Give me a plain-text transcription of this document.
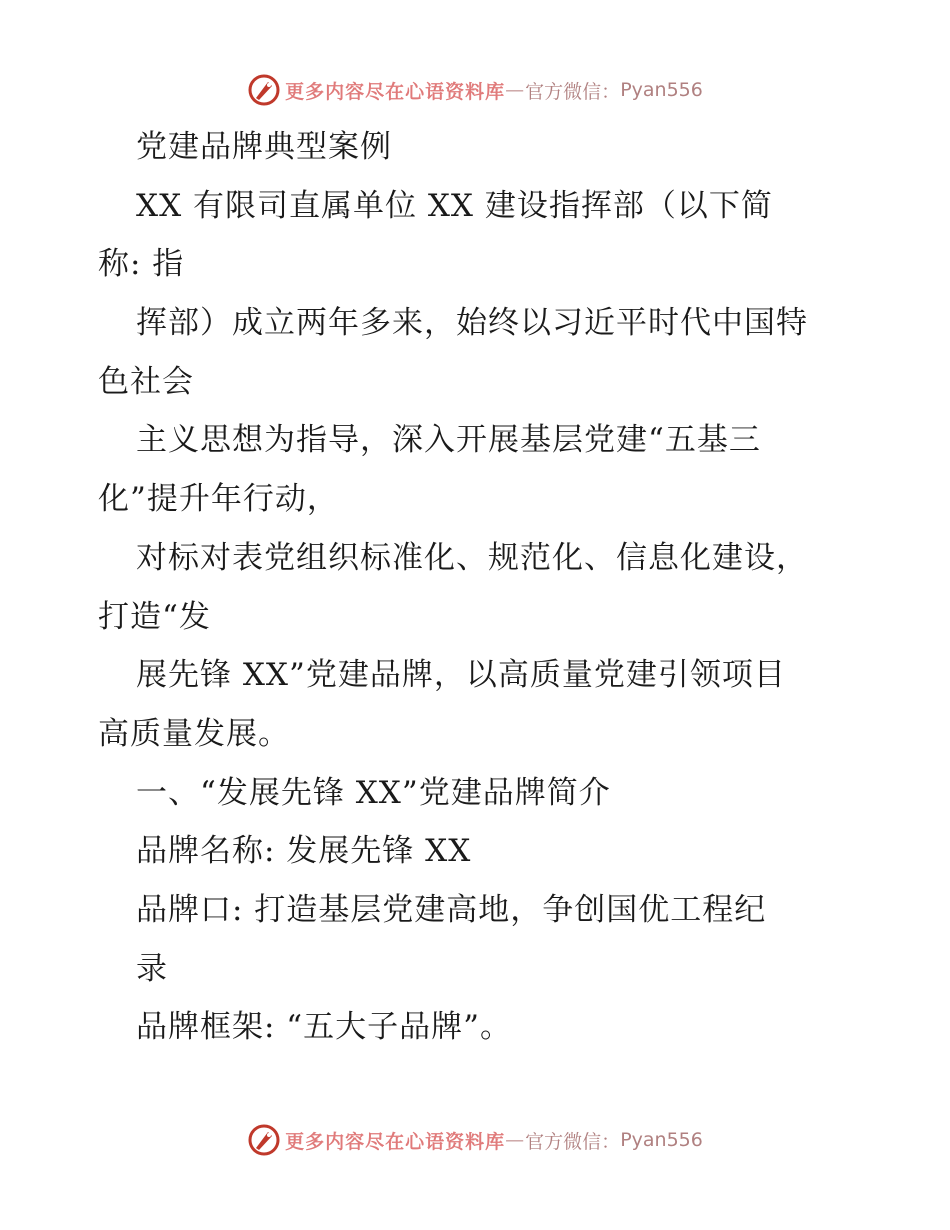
更多内容尽在心语资料库 — 官方微信： Pyan556
党建品牌典型案例
XX 有限司直属单位 XX 建设指挥部（以下简
称: 指
挥部）成立两年多来，始终以习近平时代中国特
色社会
主义思想为指导，深入开展基层党建“五基三
化”提升年行动，
对标对表党组织标准化、规范化、信息化建设，
打造“发
展先锋 XX”党建品牌，以高质量党建引领项目
高质量发展。
一、“发展先锋 XX”党建品牌简介
品牌名称: 发展先锋 XX
品牌口: 打造基层党建高地，争创国优工程纪
录
品牌框架: “五大子品牌”。
更多内容尽在心语资料库 — 官方微信： Pyan556
